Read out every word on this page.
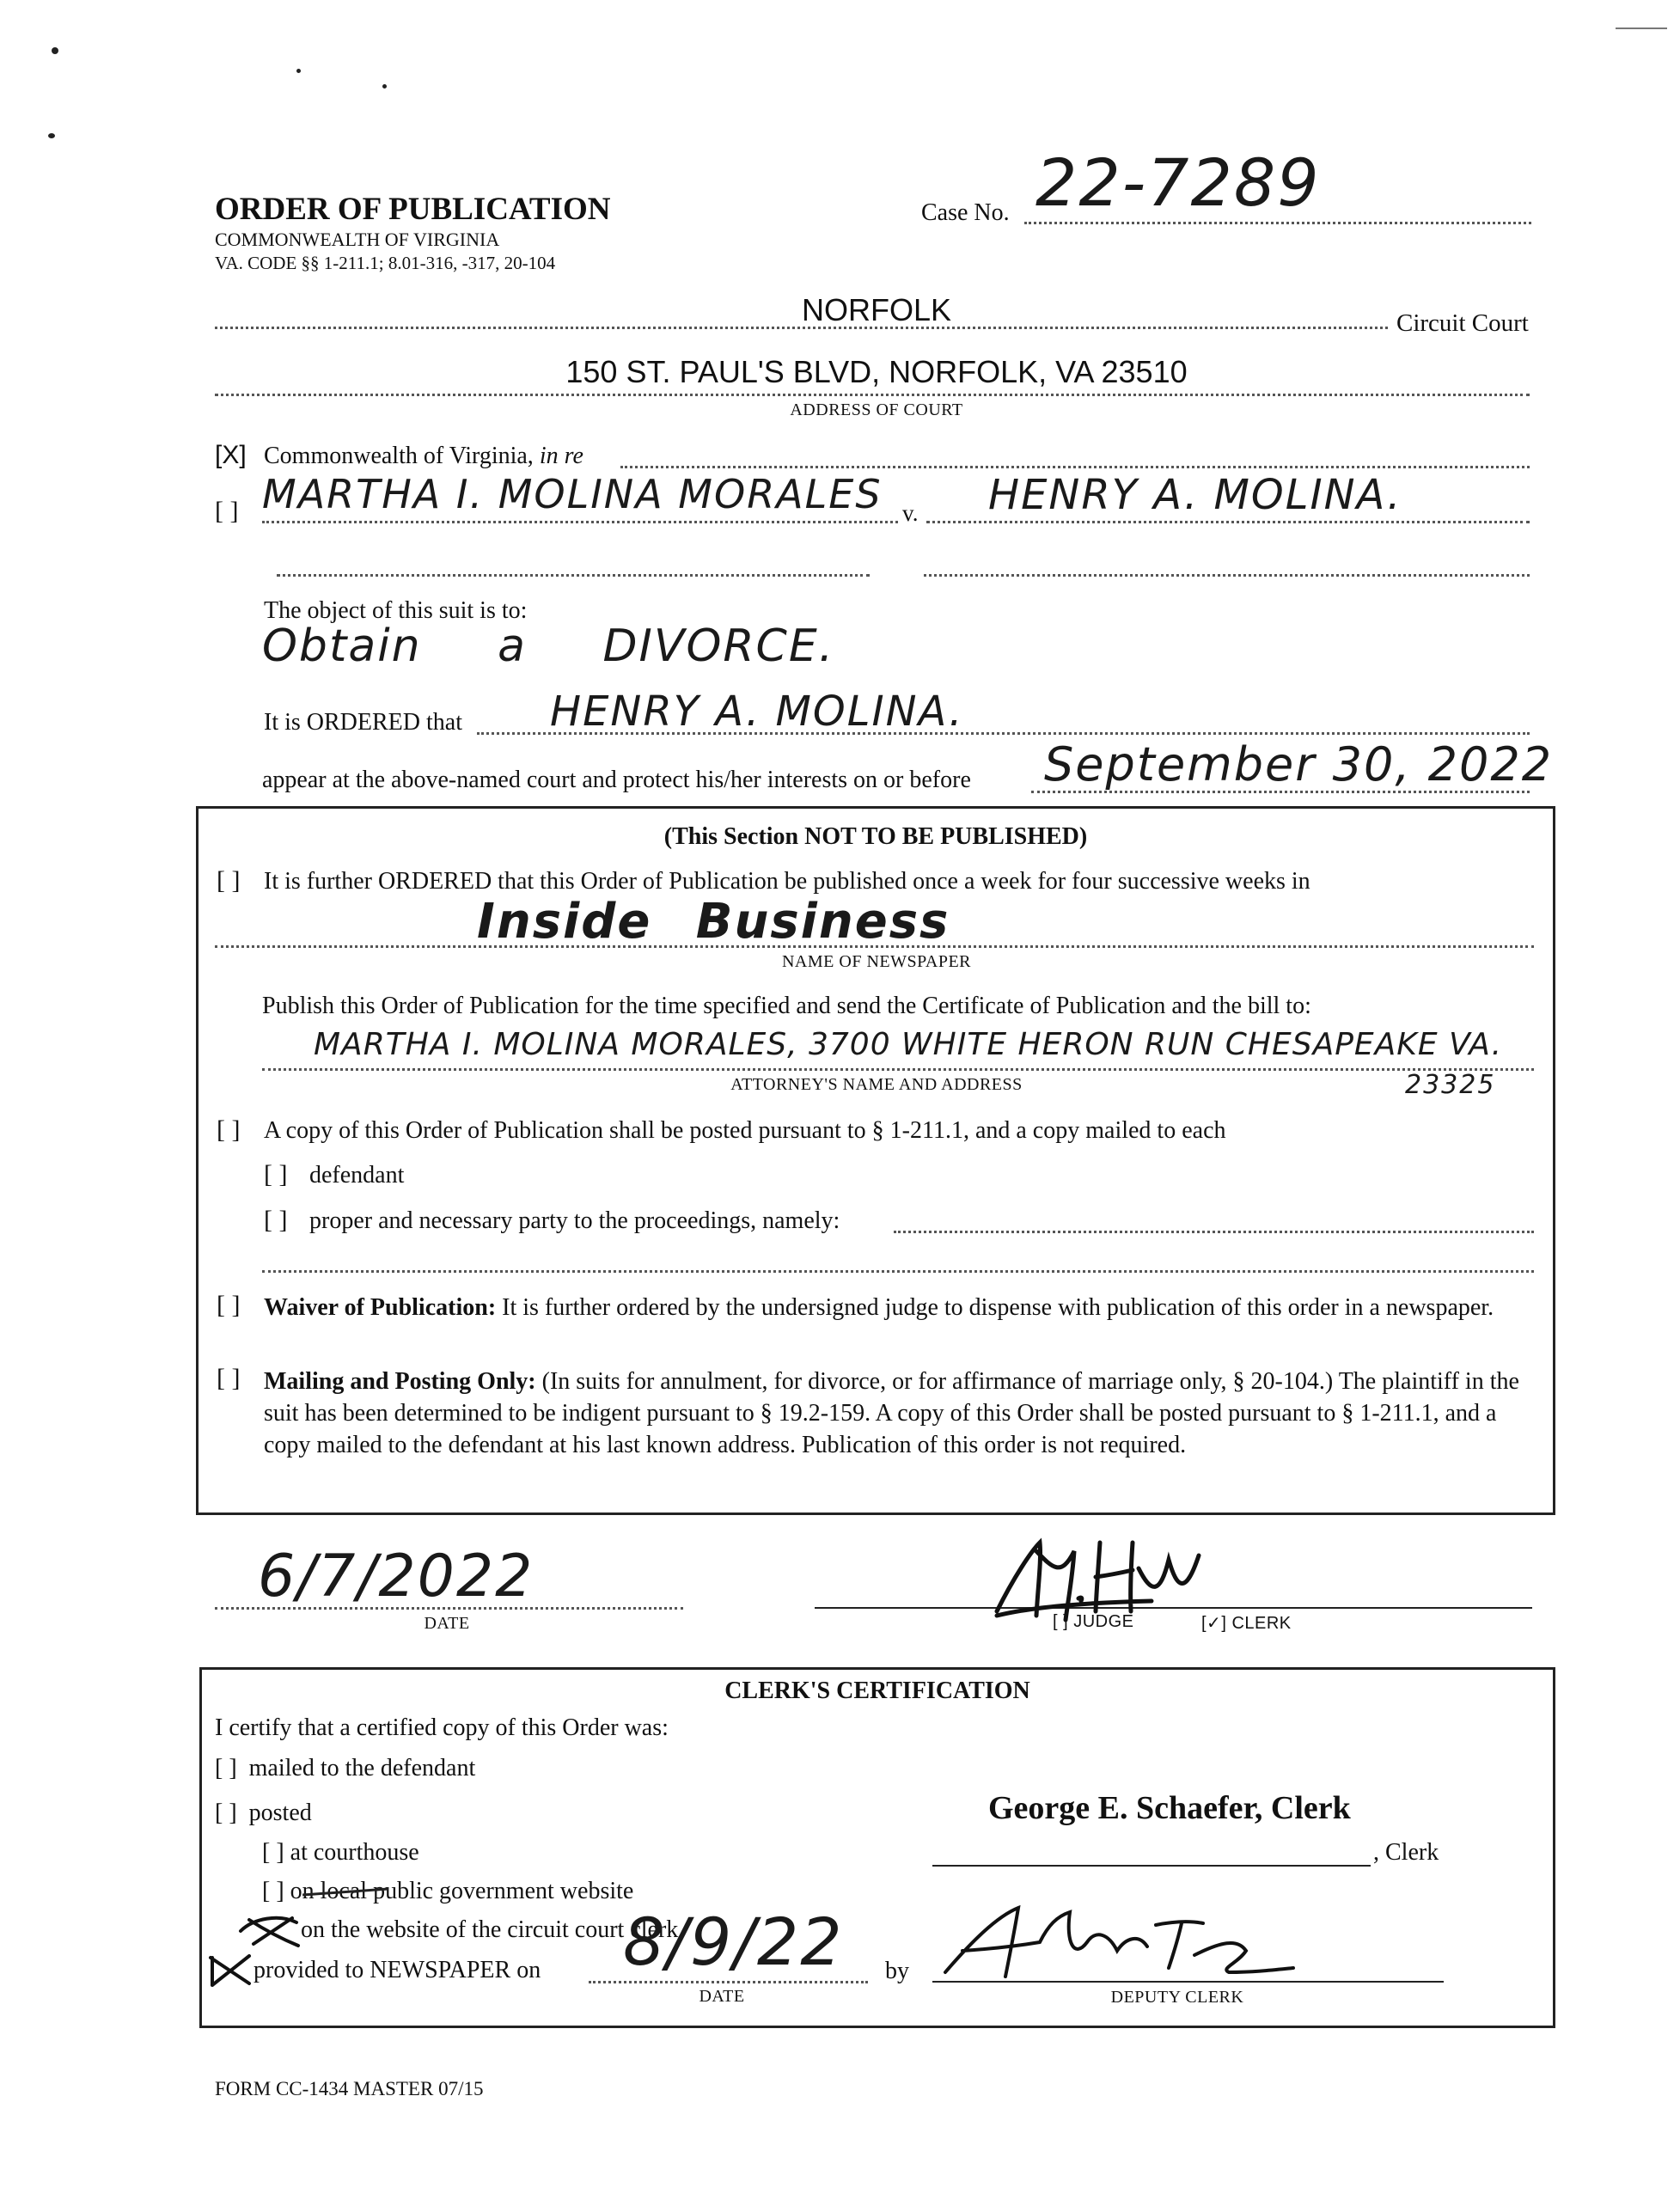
ORDER OF PUBLICATION
COMMONWEALTH OF VIRGINIA
VA. CODE §§ 1-211.1; 8.01-316, -317, 20-104
Case No. 22-7289
NORFOLK	Circuit Court
150 ST. PAUL'S BLVD, NORFOLK, VA 23510
ADDRESS OF COURT
[X] Commonwealth of Virginia, in re
[ ] MARTHA I. MOLINA MORALES v. HENRY A. MOLINA.
The object of this suit is to:
Obtain a DIVORCE.
It is ORDERED that HENRY A. MOLINA.
appear at the above-named court and protect his/her interests on or before September 30, 2022
(This Section NOT TO BE PUBLISHED)
[ ] It is further ORDERED that this Order of Publication be published once a week for four successive weeks in
Inside Business
NAME OF NEWSPAPER
Publish this Order of Publication for the time specified and send the Certificate of Publication and the bill to:
MARTHA I. MOLINA MORALES, 3700 WHITE HERON RUN CHESAPEAKE VA.
23325
ATTORNEY'S NAME AND ADDRESS
[ ] A copy of this Order of Publication shall be posted pursuant to § 1-211.1, and a copy mailed to each
[ ] defendant
[ ] proper and necessary party to the proceedings, namely:
[ ] Waiver of Publication: It is further ordered by the undersigned judge to dispense with publication of this order in a newspaper.
[ ] Mailing and Posting Only: (In suits for annulment, for divorce, or for affirmance of marriage only, § 20-104.) The plaintiff in the suit has been determined to be indigent pursuant to § 19.2-159. A copy of this Order shall be posted pursuant to § 1-211.1, and a copy mailed to the defendant at his last known address. Publication of this order is not required.
6/7/2022
DATE	[ ] JUDGE	[✓] CLERK
CLERK'S CERTIFICATION
I certify that a certified copy of this Order was:
[ ] mailed to the defendant
[ ] posted
[ ] at courthouse
[ ] on local public government website
on the website of the circuit court clerk
provided to NEWSPAPER on 8/9/22
DATE
by
DEPUTY CLERK
George E. Schaefer, Clerk
, Clerk
FORM CC-1434 MASTER 07/15
